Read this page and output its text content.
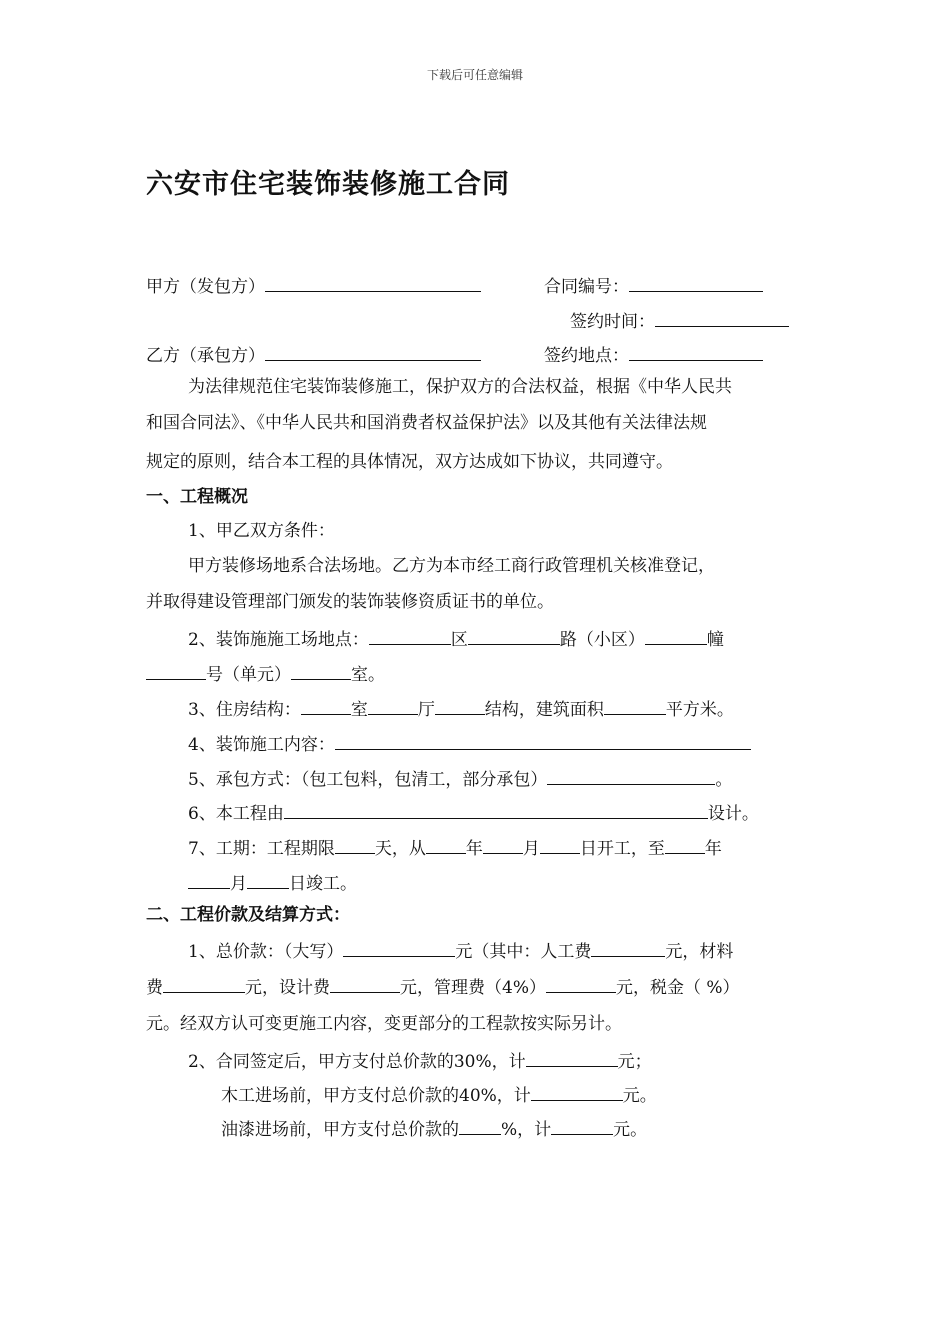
下载后可任意编辑
六安市住宅装饰装修施工合同
甲方（发包方）	合同编号：
签约时间：
乙方（承包方）	签约地点：
为法律规范住宅装饰装修施工，保护双方的合法权益，根据《中华人民共
和国合同法》、《中华人民共和国消费者权益保护法》以及其他有关法律法规
规定的原则，结合本工程的具体情况，双方达成如下协议，共同遵守。
一、工程概况
1、甲乙双方条件：
甲方装修场地系合法场地。乙方为本市经工商行政管理机关核准登记，
并取得建设管理部门颁发的装饰装修资质证书的单位。
2、装饰施施工场地点：	区	路（小区）	幢
号（单元）	室。
3、住房结构：	室	厅	结构，建筑面积	平方米。
4、装饰施工内容：
5、承包方式：（包工包料，包清工，部分承包）	。
6、本工程由	设计。
7、工期：工程期限 天，从 年 月 日开工，至 年
月 日竣工。
二、工程价款及结算方式：
1、总价款：（大写）	元（其中：人工费	元，材料
费	元，设计费	元，管理费（4%）	元，税金（ %）
元。经双方认可变更施工内容，变更部分的工程款按实际另计。
2、合同签定后，甲方支付总价款的30%，计	元；
木工进场前，甲方支付总价款的40%，计	元。
油漆进场前，甲方支付总价款的 %，计	元。
